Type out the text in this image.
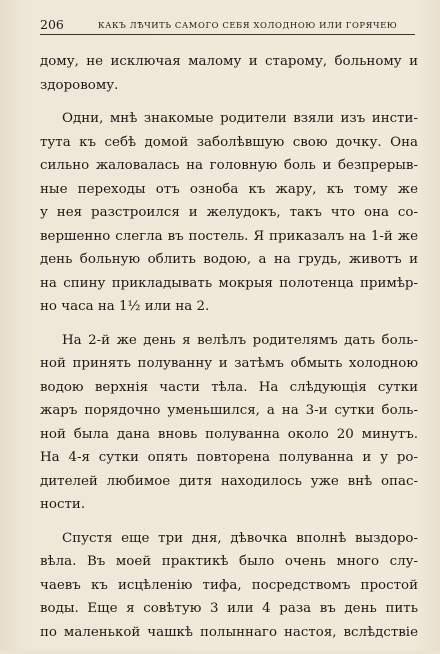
206	КАКЪ ЛѢЧИТЬ САМОГО СЕБЯ ХОЛОДНОЮ ИЛИ ГОРЯЧЕЮ
дому, не исключая малому и старому, больному и
здоровому.
Одни, мнѣ знакомые родители взяли изъ инсти-
тута къ себѣ домой заболѣвшую свою дочку. Она
сильно жаловалась на головную боль и безпрерыв-
ные переходы отъ озноба къ жару, къ тому же
у нея разстроился и желудокъ, такъ что она со-
вершенно слегла въ постель. Я приказалъ на 1-й же
день больную облить водою, а на грудь, животъ и
на спину прикладывать мокрыя полотенца примѣр-
но часа на 1½ или на 2.
На 2-й же день я велѣлъ родителямъ дать боль-
ной принять полуванну и затѣмъ обмыть холодною
водою верхнія части тѣла. На слѣдующія сутки
жаръ порядочно уменьшился, а на 3-и сутки боль-
ной была дана вновь полуванна около 20 минутъ.
На 4-я сутки опять повторена полуванна и у ро-
дителей любимое дитя находилось уже внѣ опас-
ности.
Спустя еще три дня, дѣвочка вполнѣ выздоро-
вѣла. Въ моей практикѣ было очень много слу-
чаевъ къ исцѣленію тифа, посредствомъ простой
воды. Еще я совѣтую 3 или 4 раза въ день пить
по маленькой чашкѣ полыннаго настоя, вслѣдствіе
